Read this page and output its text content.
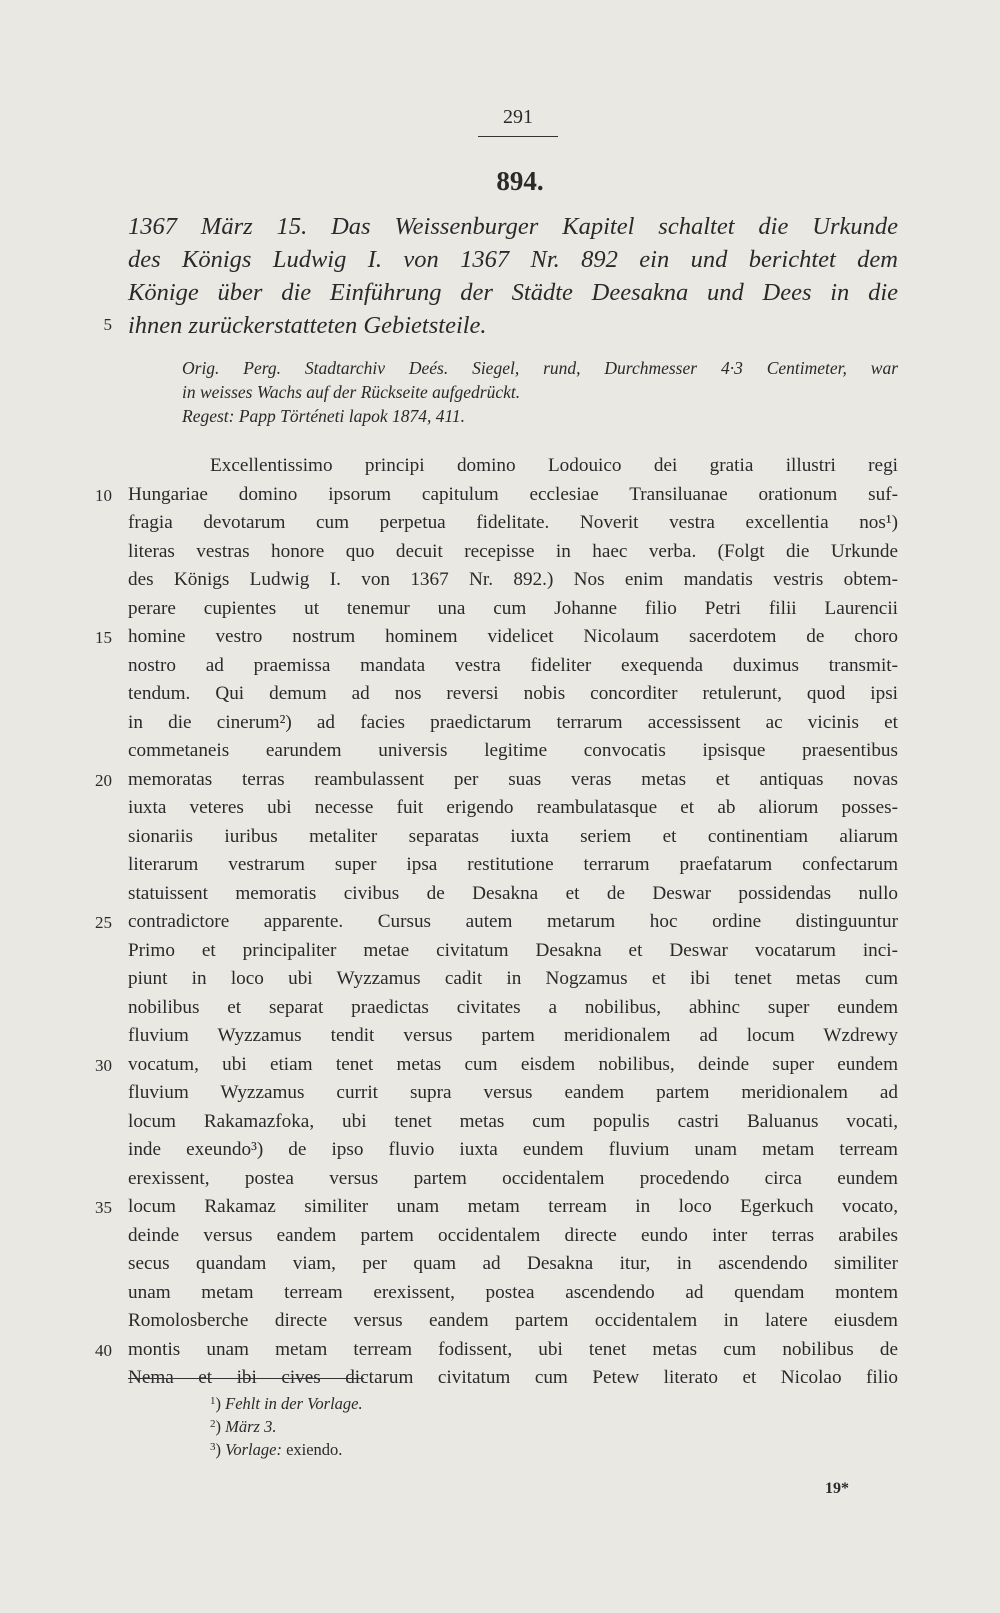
291
894.
1367 März 15. Das Weissenburger Kapitel schaltet die Urkunde
des Königs Ludwig I. von 1367 Nr. 892 ein und berichtet dem
Könige über die Einführung der Städte Deesakna und Dees in die
ihnen zurückerstatteten Gebietsteile.
5
Orig. Perg. Stadtarchiv Deés. Siegel, rund, Durchmesser 4·3 Centimeter, war
in weisses Wachs auf der Rückseite aufgedrückt.
Regest: Papp Történeti lapok 1874, 411.
Excellentissimo principi domino Lodouico dei gratia illustri regi
Hungariae domino ipsorum capitulum ecclesiae Transiluanae orationum suf-
fragia devotarum cum perpetua fidelitate. Noverit vestra excellentia nos¹)
literas vestras honore quo decuit recepisse in haec verba. (Folgt die Urkunde
des Königs Ludwig I. von 1367 Nr. 892.) Nos enim mandatis vestris obtem-
perare cupientes ut tenemur una cum Johanne filio Petri filii Laurencii
homine vestro nostrum hominem videlicet Nicolaum sacerdotem de choro
nostro ad praemissa mandata vestra fideliter exequenda duximus transmit-
tendum. Qui demum ad nos reversi nobis concorditer retulerunt, quod ipsi
in die cinerum²) ad facies praedictarum terrarum accessissent ac vicinis et
commetaneis earundem universis legitime convocatis ipsisque praesentibus
memoratas terras reambulassent per suas veras metas et antiquas novas
iuxta veteres ubi necesse fuit erigendo reambulatasque et ab aliorum posses-
sionariis iuribus metaliter separatas iuxta seriem et continentiam aliarum
literarum vestrarum super ipsa restitutione terrarum praefatarum confectarum
statuissent memoratis civibus de Desakna et de Deswar possidendas nullo
contradictore apparente. Cursus autem metarum hoc ordine distinguuntur
Primo et principaliter metae civitatum Desakna et Deswar vocatarum inci-
piunt in loco ubi Wyzzamus cadit in Nogzamus et ibi tenet metas cum
nobilibus et separat praedictas civitates a nobilibus, abhinc super eundem
fluvium Wyzzamus tendit versus partem meridionalem ad locum Wzdrewy
vocatum, ubi etiam tenet metas cum eisdem nobilibus, deinde super eundem
fluvium Wyzzamus currit supra versus eandem partem meridionalem ad
locum Rakamazfoka, ubi tenet metas cum populis castri Baluanus vocati,
inde exeundo³) de ipso fluvio iuxta eundem fluvium unam metam terream
erexissent, postea versus partem occidentalem procedendo circa eundem
locum Rakamaz similiter unam metam terream in loco Egerkuch vocato,
deinde versus eandem partem occidentalem directe eundo inter terras arabiles
secus quandam viam, per quam ad Desakna itur, in ascendendo similiter
unam metam terream erexissent, postea ascendendo ad quendam montem
Romolosberche directe versus eandem partem occidentalem in latere eiusdem
montis unam metam terream fodissent, ubi tenet metas cum nobilibus de
Nema et ibi cives dictarum civitatum cum Petew literato et Nicolao filio
10
15
20
25
30
35
40
$^1$) Fehlt in der Vorlage.
$^2$) März 3.
$^3$) Vorlage: exiendo.
19*
